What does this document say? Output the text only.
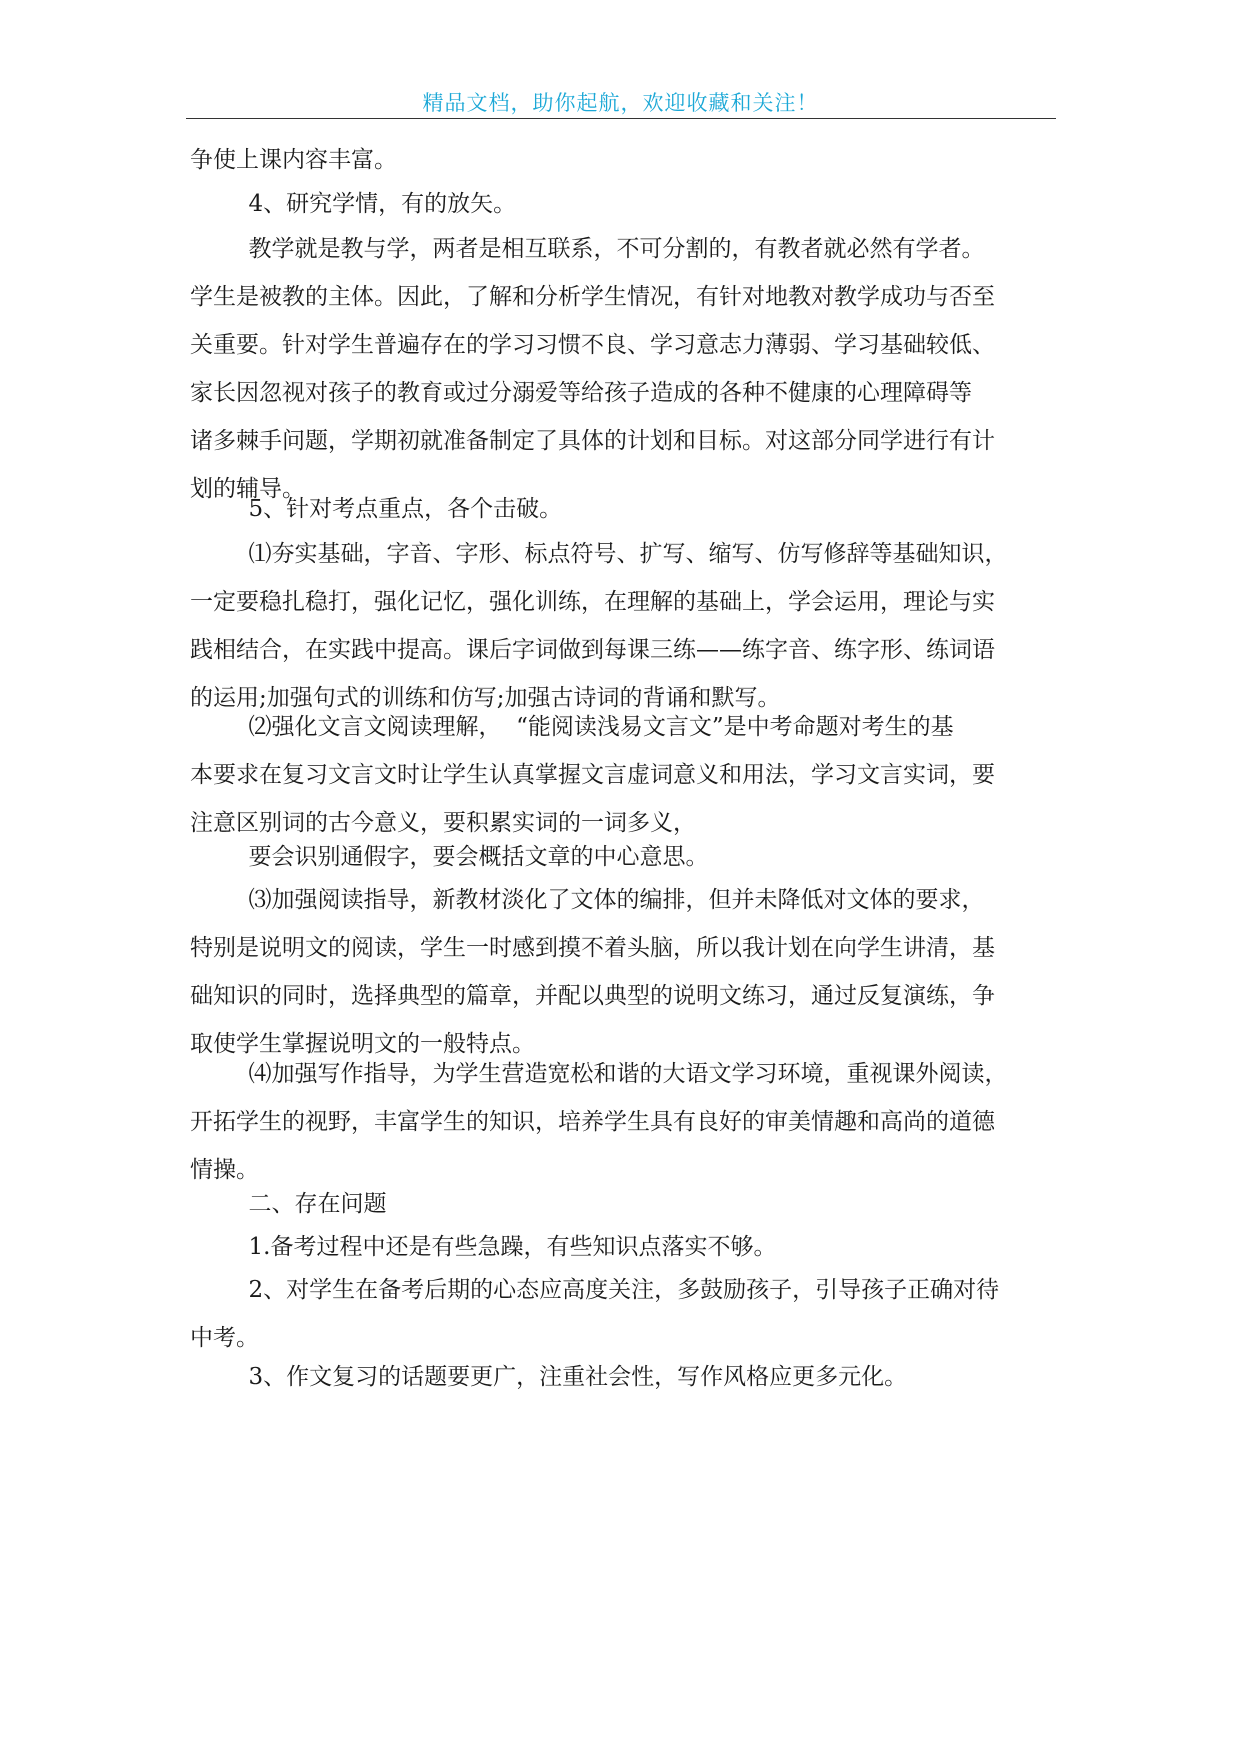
精品文档，助你起航，欢迎收藏和关注！

争使上课内容丰富。

4、研究学情，有的放矢。

教学就是教与学，两者是相互联系，不可分割的，有教者就必然有学者。
学生是被教的主体。因此，了解和分析学生情况，有针对地教对教学成功与否至
关重要。针对学生普遍存在的学习习惯不良、学习意志力薄弱、学习基础较低、
家长因忽视对孩子的教育或过分溺爱等给孩子造成的各种不健康的心理障碍等
诸多棘手问题，学期初就准备制定了具体的计划和目标。对这部分同学进行有计
划的辅导。

5、针对考点重点，各个击破。

⑴夯实基础，字音、字形、标点符号、扩写、缩写、仿写修辞等基础知识，
一定要稳扎稳打，强化记忆，强化训练，在理解的基础上，学会运用，理论与实
践相结合，在实践中提高。课后字词做到每课三练——练字音、练字形、练词语
的运用;加强句式的训练和仿写;加强古诗词的背诵和默写。

⑵强化文言文阅读理解，  “能阅读浅易文言文”是中考命题对考生的基
本要求在复习文言文时让学生认真掌握文言虚词意义和用法，学习文言实词，要
注意区别词的古今意义，要积累实词的一词多义，

要会识别通假字，要会概括文章的中心意思。

⑶加强阅读指导，新教材淡化了文体的编排，但并未降低对文体的要求，
特别是说明文的阅读，学生一时感到摸不着头脑，所以我计划在向学生讲清，基
础知识的同时，选择典型的篇章，并配以典型的说明文练习，通过反复演练，争
取使学生掌握说明文的一般特点。

⑷加强写作指导，为学生营造宽松和谐的大语文学习环境，重视课外阅读，
开拓学生的视野，丰富学生的知识，培养学生具有良好的审美情趣和高尚的道德
情操。

二、存在问题

1.备考过程中还是有些急躁，有些知识点落实不够。

2、对学生在备考后期的心态应高度关注，多鼓励孩子，引导孩子正确对待
中考。

3、作文复习的话题要更广，注重社会性，写作风格应更多元化。
